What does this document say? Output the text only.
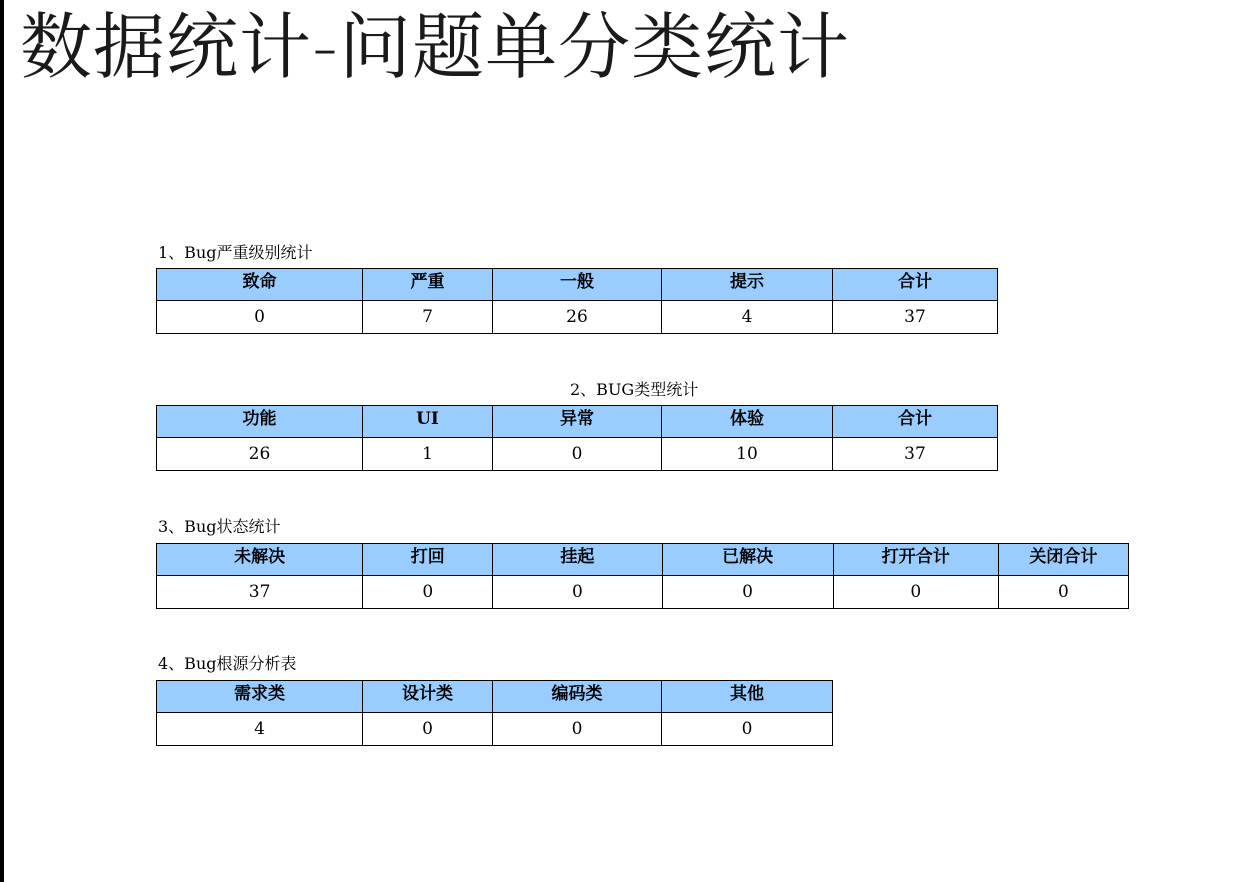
数据统计-问题单分类统计
1、Bug严重级别统计
致命	严重	一般	提示	合计
0	7	26	4	37
2、BUG类型统计
功能	UI	异常	体验	合计
26	1	0	10	37
3、Bug状态统计
未解决	打回	挂起	已解决	打开合计	关闭合计
37	0	0	0	0	0
4、Bug根源分析表
需求类	设计类	编码类	其他
4	0	0	0
